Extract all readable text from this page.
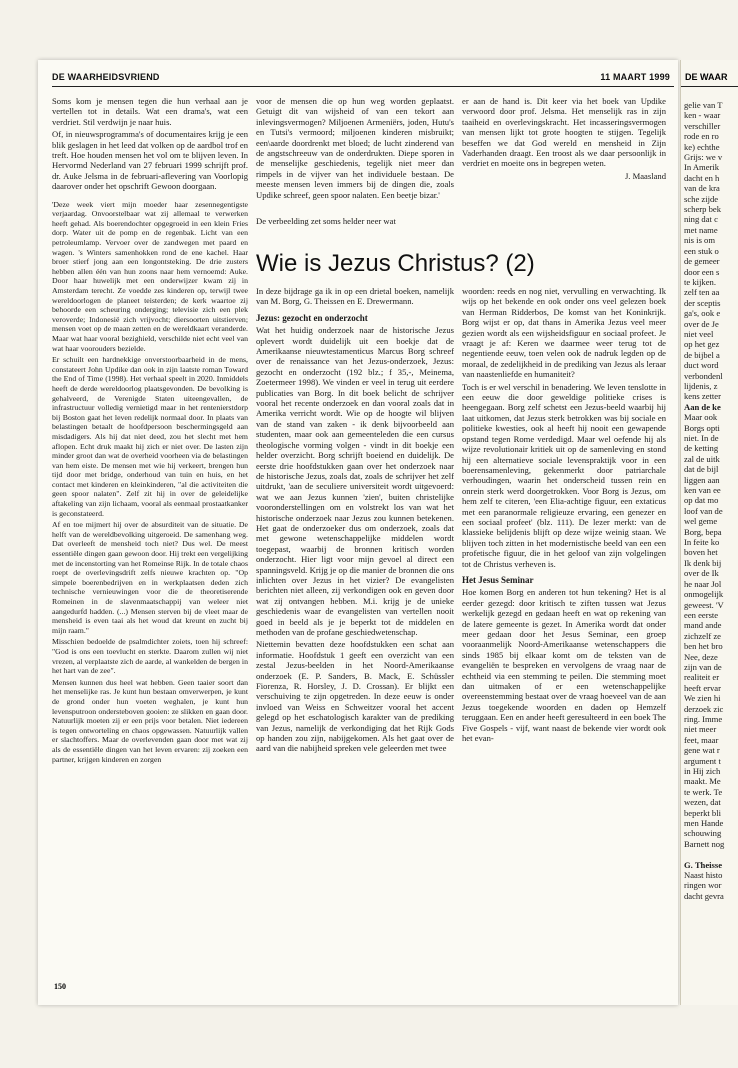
DE WAARHEIDSVRIEND	11 MAART 1999

Soms kom je mensen tegen die hun verhaal aan je vertellen tot in details. Wat een drama's, wat een verdriet. Stil verdwijn je naar huis.

Of, in nieuwsprogramma's of documentaires krijg je een blik geslagen in het leed dat volken op de aardbol trof en treft. Hoe houden mensen het vol om te blijven leven. In Hervormd Nederland van 27 februari 1999 schrijft prof. dr. Auke Jelsma in de februari-aflevering van Voorlopig daarover onder het opschrift Gewoon doorgaan.

'Deze week viert mijn moeder haar zesennegentigste verjaardag. Onvoorstelbaar wat zij allemaal te verwerken heeft gehad. Als boerendochter opgegroeid in een klein Fries dorp. Water uit de pomp en de regenbak. Licht van een petroleumlamp. Vervoer over de zandwegen met paard en wagen. 's Winters samenhokken rond de ene kachel. Haar broer stierf jong aan een longontsteking. De drie zusters hebben allen één van hun zoons naar hem vernoemd: Auke. Door haar huwelijk met een onderwijzer kwam zij in Amsterdam terecht. Ze voedde zes kinderen op, terwijl twee wereldoorlogen de planeet teisterden; de kerk waartoe zij behoorde een scheuring onderging; televisie zich een plek veroverde; Indonesië zich vrijvocht; diersoorten uitstierven; mensen voet op de maan zetten en de wereldkaart veranderde. Maar wat haar vooral bezighield, verschilde niet echt veel van wat haar voorouders bezielde.

Er schuilt een hardnekkige onverstoorbaarheid in de mens, constateert John Updike dan ook in zijn laatste roman Toward the End of Time (1998). Het verhaal speelt in 2020. Inmiddels heeft de derde wereldoorlog plaatsgevonden. De bevolking is gehalveerd, de Verenigde Staten uiteengevallen, de infrastructuur volledig vernietigd maar in het rentenierstdorp bij Boston gaat het leven redelijk normaal door. In plaats van belastingen betaalt de hoofdpersoon beschermingsgeld aan misdadigers. Als hij dat niet deed, zou het slecht met hem aflopen. Echt druk maakt hij zich er niet over. De lasten zijn minder groot dan wat de overheid voorheen via de belastingen van hem eiste. De mensen met wie hij verkeert, brengen hun tijd door met bridge, onderhoud van tuin en huis, en het contact met kinderen en kleinkinderen, "al die activiteiten die geen spoor nalaten". Zelf zit hij in over de geleidelijke aftakeling van zijn lichaam, vooral als eenmaal prostaatkanker is geconstateerd.

Af en toe mijmert hij over de absurditeit van de situatie. De helft van de wereldbevolking uitgeroeid. De samenhang weg. Dat overleeft de mensheid toch niet? Dus wel. De meest essentiële dingen gaan gewoon door. Hij trekt een vergelijking met de incenstorting van het Romeinse Rijk. In de totale chaos roept de overlevingsdrift zelfs nieuwe krachten op. "Op simpele boerenbedrijven en in werkplaatsen deden zich technische vernieuwingen voor die de theoretiserende Romeinen in de slavenmaatschappij van weleer niet aangedurfd hadden. (...) Mensen sterven bij de vleet maar de mensheid is even taai als het woud dat kreunt en zucht bij mijn raam."

Misschien bedoelde de psalmdichter zoiets, toen hij schreef: "God is ons een toevlucht en sterkte. Daarom zullen wij niet vrezen, al verplaatste zich de aarde, al wankelden de bergen in het hart van de zee".

Mensen kunnen dus heel wat hebben. Geen taaier soort dan het menselijke ras. Je kunt hun bestaan omverwerpen, je kunt de grond onder hun voeten weghalen, je kunt hun levensputroon ondersteboven gooien: ze slikken en gaan door. Natuurlijk moeten zij er een prijs voor betalen. Niet iedereen is tegen ontworteling en chaos opgewassen. Natuurlijk vallen er slachtoffers. Maar de overlevenden gaan door met wat zij als de essentiële dingen van het leven ervaren: zij zoeken een partner, krijgen kinderen en zorgen

voor de mensen die op hun weg worden geplaatst. Getuigt dit van wijsheid of van een tekort aan inlevingsvermogen? Miljoenen Armeniërs, joden, Hutu's en Tutsi's vermoord; miljoenen kinderen misbruikt; een\aarde doordrenkt met bloed; de lucht zinderend van de angstschreeuw van de onderdrukten. Diepe sporen in de menselijke geschiedenis, tegelijk niet meer dan rimpels in de vijver van het individuele bestaan. De meeste mensen leven immers bij de dingen die, zoals Updike schreef, geen spoor nalaten. Een beetje bizar.'

De verbeelding zet soms helder neer wat

er aan de hand is. Dit keer via het boek van Updike verwoord door prof. Jelsma. Het menselijk ras in zijn taaiheid en overlevingskracht. Het incasseringsvermogen van mensen lijkt tot grote hoogten te stijgen. Tegelijk beseffen we dat God wereld en mensheid in Zijn Vaderhanden draagt. Een troost als we daar persoonlijk in verdriet en moeite ons in begrepen weten.

J. Maasland

Wie is Jezus Christus? (2)

In deze bijdrage ga ik in op een drietal boeken, namelijk van M. Borg, G. Theissen en E. Drewermann.

Jezus: gezocht en onderzocht

Wat het huidig onderzoek naar de historische Jezus oplevert wordt duidelijk uit een boekje dat de Amerikaanse nieuwtestamenticus Marcus Borg schreef over de renaissance van het Jezus-onderzoek, Jezus: gezocht en onderzocht (192 blz.; f 35,-, Meinema, Zoetermeer 1998). We vinden er veel in terug uit eerdere publicaties van Borg. In dit boek belicht de schrijver vooral het recente onderzoek en dan vooral zoals dat in Amerika verricht wordt. Wie op de hoogte wil blijven van de stand van zaken - ik denk bijvoorbeeld aan studenten, maar ook aan gemeenteleden die een cursus theologische vorming volgen - vindt in dit boekje een helder overzicht. Borg schrijft boeiend en duidelijk. De eerste drie hoofdstukken gaan over het onderzoek naar de historische Jezus, zoals dat, zoals de schrijver het zelf uitdrukt, 'aan de seculiere universiteit wordt uitgevoerd: wat we aan Jezus kunnen 'zien', buiten christelijke vooronderstellingen om en volstrekt los van wat het historische onderzoek naar Jezus zou kunnen betekenen. Het gaat de onderzoeker dus om onderzoek, zoals dat met gewone wetenschappelijke middelen wordt toegepast, waarbij de bronnen kritisch worden onderzocht. Hier ligt voor mijn gevoel al direct een spanningsveld. Krijg je op die manier de bronnen die ons inlichten over Jezus in het vizier? De evangelisten berichten niet alleen, zij verkondigen ook en geven door wat zij ontvangen hebben. M.i. krijg je de unieke geschiedenis waar de evangelisten van vertellen nooit goed in beeld als je je beperkt tot de middelen en methoden van de profane geschiedwetenschap.

Niettemin bevatten deze hoofdstukken een schat aan informatie. Hoofdstuk 1 geeft een overzicht van een zestal Jezus-beelden in het Noord-Amerikaanse onderzoek (E. P. Sanders, B. Mack, E. Schüssler Fiorenza, R. Horsley, J. D. Crossan). Er blijkt een verschuiving te zijn opgetreden. In deze eeuw is onder invloed van Weiss en Schweitzer vooral het accent gelegd op het eschatologisch karakter van de prediking van Jezus, namelijk de verkondiging dat het Rijk Gods op handen zou zijn, nabijgekomen. Als het gaat over de aard van die nabijheid spreken vele geleerden met twee

woorden: reeds en nog niet, vervulling en verwachting. Ik wijs op het bekende en ook onder ons veel gelezen boek van Herman Ridderbos, De komst van het Koninkrijk. Borg wijst er op, dat thans in Amerika Jezus veel meer gezien wordt als een wijsheidsfiguur en sociaal profeet. Je vraagt je af: Keren we daarmee weer terug tot de negentiende eeuw, toen velen ook de nadruk legden op de moraal, de zedelijkheid in de prediking van Jezus als leraar van naastenliefde en humaniteit?

Toch is er wel verschil in benadering. We leven tenslotte in een eeuw die door geweldige politieke crises is heengegaan. Borg zelf schetst een Jezus-beeld waarbij hij laat uitkomen, dat Jezus sterk betrokken was bij sociale en politieke kwesties, ook al heeft hij nooit een gewapende opstand tegen Rome verdedigd. Maar wel oefende hij als wijze revolutionair kritiek uit op de samenleving en stond hij een alternatieve sociale levenspraktijk voor in een boerensamenleving, gekenmerkt door patriarchale verhoudingen, waarin het onderscheid tussen rein en onrein sterk werd doorgetrokken. Voor Borg is Jezus, om hem zelf te citeren, 'een Elia-achtige figuur, een extaticus met een paranormale religieuze ervaring, een genezer en een sociaal profeet' (blz. 111). De lezer merkt: van de klassieke belijdenis blijft op deze wijze weinig staan. We blijven toch zitten in het modernistische beeld van een een profetische figuur, die in het geloof van zijn volgelingen tot de Christus verheven is.

Het Jesus Seminar

Hoe komen Borg en anderen tot hun tekening? Het is al eerder gezegd: door kritisch te ziften tussen wat Jezus werkelijk gezegd en gedaan heeft en wat op rekening van de latere gemeente is gezet. In Amerika wordt dat onder meer gedaan door het Jesus Seminar, een groep vooraanmelijk Noord-Amerikaanse wetenschappers die sinds 1985 bij elkaar komt om de teksten van de evangeliën te bespreken en vervolgens de vraag naar de echtheid via een stemming te peilen. Die stemming moet dan uitmaken of er een wetenschappelijke overeenstemming bestaat over de vraag hoeveel van de aan Jezus toegekende woorden en daden op Hemzelf teruggaan. Een en ander heeft geresulteerd in een boek The Five Gospels - vijf, want naast de bekende vier wordt ook het evan-

150
DE WAAR
gelie van T
ken - waar
verschiller
rode en ro
ke) echthe
Grijs: we v
In Amerik
dacht en h
van de kra
sche zijde
scherp bek
ning dat c
met name
nis is om
een stuk o
de gemeer
door een s
te kijken.
zelf ten aa
der sceptis
ga's, ook e
over de Je
niet veel
op het gez
de bijbel a
duct word
verbondenl
lijdenis, z
kens zetter
Aan de ke
Maar ook
Borgs opti
niet. In de
de ketting
zal de uitk
dat de bijl
liggen aan
ken van ee
op dat mo
loof van de
wel geme
Borg, bepa
In feite ko
boven het
Ik denk bij
over de Ik
he naar Jol
onmogelijk
geweest. 'V
een eerste
mand ande
zichzelf ze
ben het bro
Nee, deze
zijn van de
realiteit er
heeft ervar
We zien hi
derzoek zic
ring. Imme
niet meer
feet, maar
gene wat r
argument t
in Hij zich
maakt. Me
te werk. Te
wezen, dat
beperkt bli
men Hande
schouwing
Barnett nog

G. Theisse
Naast histo
ringen wor
dacht gevra
